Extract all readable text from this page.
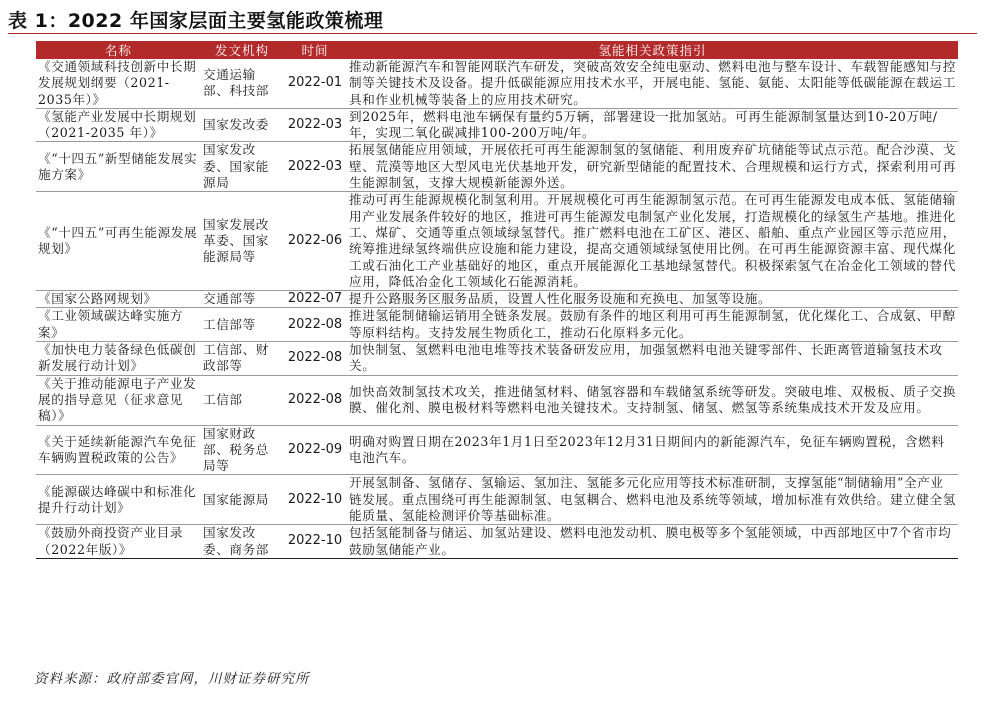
表 1：2022 年国家层面主要氢能政策梳理
名称	发文机构	时间	氢能相关政策指引
《交通领域科技创新中长期发展规划纲要（2021-2035年）》	交通运输部、科技部	2022-01	推动新能源汽车和智能网联汽车研发，突破高效安全纯电驱动、燃料电池与整车设计、车载智能感知与控制等关键技术及设备。提升低碳能源应用技术水平，开展电能、氢能、氨能、太阳能等低碳能源在载运工具和作业机械等装备上的应用技术研究。
《氢能产业发展中长期规划（2021-2035 年）》	国家发改委	2022-03	到2025年，燃料电池车辆保有量约5万辆，部署建设一批加氢站。可再生能源制氢量达到10-20万吨/年，实现二氧化碳减排100-200万吨/年。
《“十四五”新型储能发展实施方案》	国家发改委、国家能源局	2022-03	拓展氢储能应用领域，开展依托可再生能源制氢的氢储能、利用废弃矿坑储能等试点示范。配合沙漠、戈壁、荒漠等地区大型风电光伏基地开发，研究新型储能的配置技术、合理规模和运行方式，探索利用可再生能源制氢，支撑大规模新能源外送。
《“十四五”可再生能源发展规划》	国家发展改革委、国家能源局等	2022-06	推动可再生能源规模化制氢利用。开展规模化可再生能源制氢示范。在可再生能源发电成本低、氢能储输用产业发展条件较好的地区，推进可再生能源发电制氢产业化发展，打造规模化的绿氢生产基地。推进化工、煤矿、交通等重点领域绿氢替代。推广燃料电池在工矿区、港区、船舶、重点产业园区等示范应用，统筹推进绿氢终端供应设施和能力建设，提高交通领域绿氢使用比例。在可再生能源资源丰富、现代煤化工或石油化工产业基础好的地区，重点开展能源化工基地绿氢替代。积极探索氢气在冶金化工领域的替代应用，降低冶金化工领域化石能源消耗。
《国家公路网规划》	交通部等	2022-07	提升公路服务区服务品质，设置人性化服务设施和充换电、加氢等设施。
《工业领域碳达峰实施方案》	工信部等	2022-08	推进氢能制储输运销用全链条发展。鼓励有条件的地区利用可再生能源制氢，优化煤化工、合成氨、甲醇等原料结构。支持发展生物质化工，推动石化原料多元化。
《加快电力装备绿色低碳创新发展行动计划》	工信部、财政部等	2022-08	加快制氢、氢燃料电池电堆等技术装备研发应用，加强氢燃料电池关键零部件、长距离管道输氢技术攻关。
《关于推动能源电子产业发展的指导意见（征求意见稿）》	工信部	2022-08	加快高效制氢技术攻关，推进储氢材料、储氢容器和车载储氢系统等研发。突破电堆、双极板、质子交换膜、催化剂、膜电极材料等燃料电池关键技术。支持制氢、储氢、燃氢等系统集成技术开发及应用。
《关于延续新能源汽车免征车辆购置税政策的公告》	国家财政部、税务总局等	2022-09	明确对购置日期在2023年1月1日至2023年12月31日期间内的新能源汽车，免征车辆购置税，含燃料电池汽车。
《能源碳达峰碳中和标准化提升行动计划》	国家能源局	2022-10	开展氢制备、氢储存、氢输运、氢加注、氢能多元化应用等技术标准研制，支撑氢能“制储输用”全产业链发展。重点围绕可再生能源制氢、电氢耦合、燃料电池及系统等领域，增加标准有效供给。建立健全氢能质量、氢能检测评价等基础标准。
《鼓励外商投资产业目录（2022年版）》	国家发改委、商务部	2022-10	包括氢能制备与储运、加氢站建设、燃料电池发动机、膜电极等多个氢能领域，中西部地区中7个省市均鼓励氢储能产业。
资料来源：政府部委官网，川财证券研究所
